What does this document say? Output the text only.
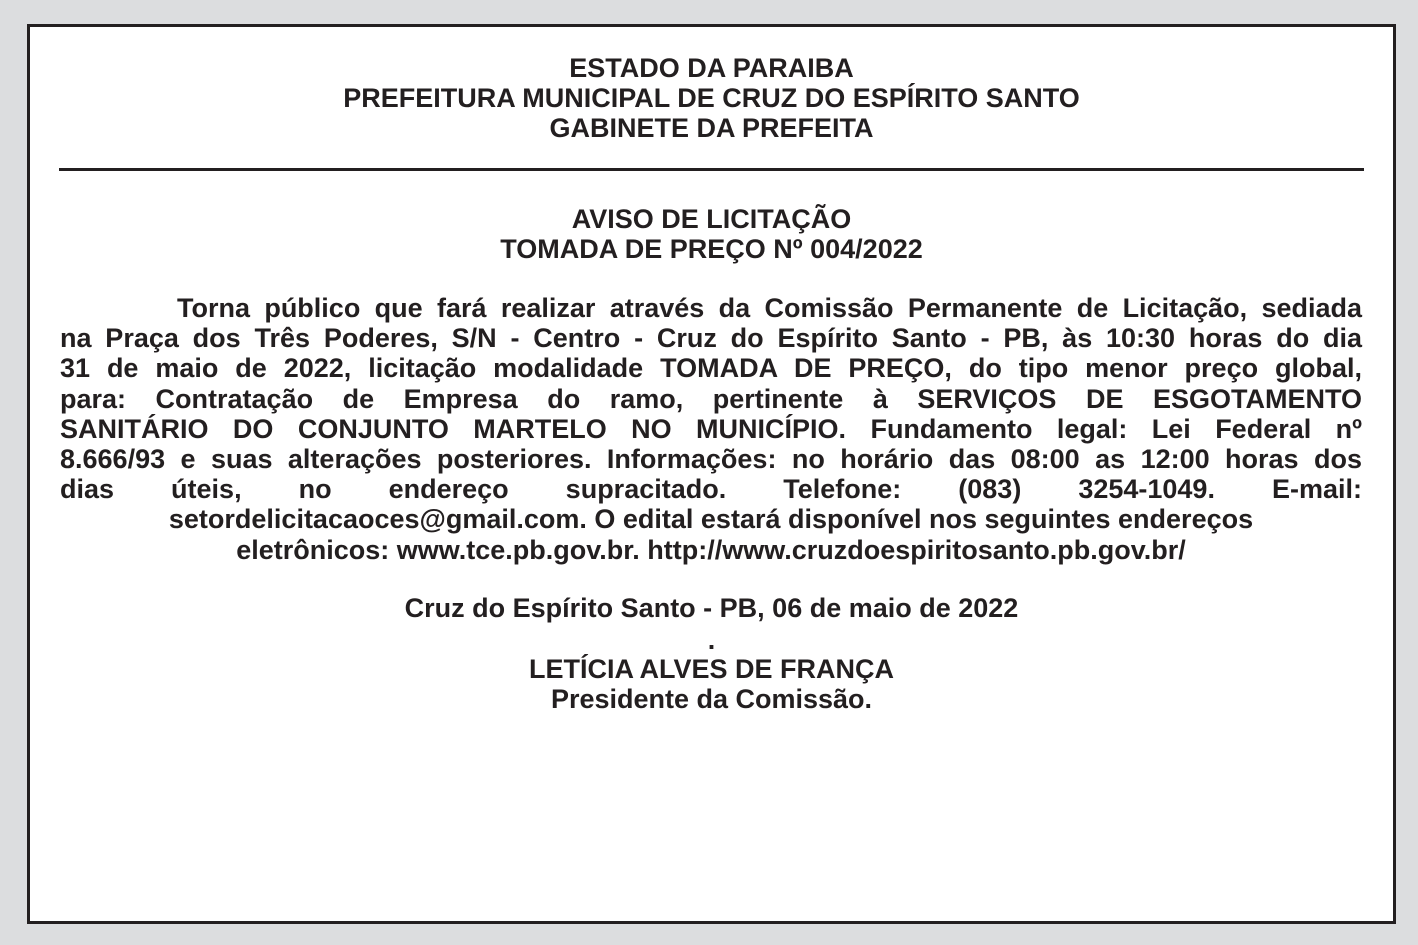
ESTADO DA PARAIBA
PREFEITURA MUNICIPAL DE CRUZ DO ESPÍRITO SANTO
GABINETE DA PREFEITA
AVISO DE LICITAÇÃO
TOMADA DE PREÇO Nº 004/2022

Torna público que fará realizar através da Comissão Permanente de Licitação, sediada

na Praça dos Três Poderes, S/N - Centro - Cruz do Espírito Santo - PB, às 10:30 horas do dia

31 de maio de 2022, licitação modalidade TOMADA DE PREÇO, do tipo menor preço global,

para: Contratação de Empresa do ramo, pertinente à SERVIÇOS DE ESGOTAMENTO

SANITÁRIO DO CONJUNTO MARTELO NO MUNICÍPIO. Fundamento legal: Lei Federal nº

8.666/93 e suas alterações posteriores. Informações: no horário das 08:00 as 12:00 horas dos

dias úteis, no endereço supracitado. Telefone: (083) 3254-1049. E-mail:

setordelicitacaoces@gmail.com. O edital estará disponível nos seguintes endereços

eletrônicos: www.tce.pb.gov.br. http://www.cruzdoespiritosanto.pb.gov.br/

Cruz do Espírito Santo - PB, 06 de maio de 2022
.
LETÍCIA ALVES DE FRANÇA
Presidente da Comissão.
